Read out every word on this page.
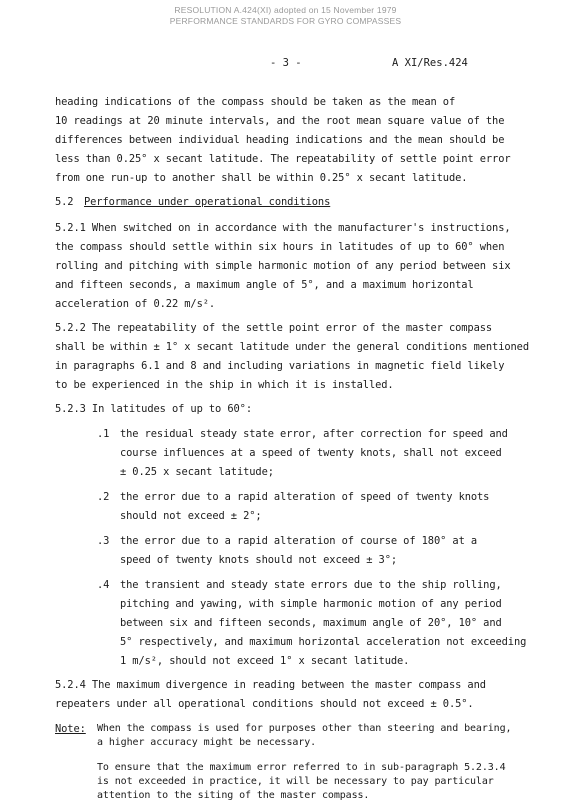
RESOLUTION A.424(XI) adopted on 15 November 1979
PERFORMANCE STANDARDS FOR GYRO COMPASSES
- 3 -	A XI/Res.424
heading indications of the compass should be taken as the mean of
10 readings at 20 minute intervals, and the root mean square value of the
differences between individual heading indications and the mean should be
less than 0.25° x secant latitude. The repeatability of settle point error
from one run-up to another shall be within 0.25° x secant latitude.
5.2 Performance under operational conditions
5.2.1 When switched on in accordance with the manufacturer's instructions,
the compass should settle within six hours in latitudes of up to 60° when
rolling and pitching with simple harmonic motion of any period between six
and fifteen seconds, a maximum angle of 5°, and a maximum horizontal
acceleration of 0.22 m/s².
5.2.2 The repeatability of the settle point error of the master compass
shall be within ± 1° x secant latitude under the general conditions mentioned
in paragraphs 6.1 and 8 and including variations in magnetic field likely
to be experienced in the ship in which it is installed.
5.2.3 In latitudes of up to 60°:
.1 the residual steady state error, after correction for speed and
course influences at a speed of twenty knots, shall not exceed
± 0.25 x secant latitude;
.2 the error due to a rapid alteration of speed of twenty knots
should not exceed ± 2°;
.3 the error due to a rapid alteration of course of 180° at a
speed of twenty knots should not exceed ± 3°;
.4 the transient and steady state errors due to the ship rolling,
pitching and yawing, with simple harmonic motion of any period
between six and fifteen seconds, maximum angle of 20°, 10° and
5° respectively, and maximum horizontal acceleration not exceeding
1 m/s², should not exceed 1° x secant latitude.
5.2.4 The maximum divergence in reading between the master compass and
repeaters under all operational conditions should not exceed ± 0.5°.
Note: When the compass is used for purposes other than steering and bearing,
a higher accuracy might be necessary.
To ensure that the maximum error referred to in sub-paragraph 5.2.3.4
is not exceeded in practice, it will be necessary to pay particular
attention to the siting of the master compass.
